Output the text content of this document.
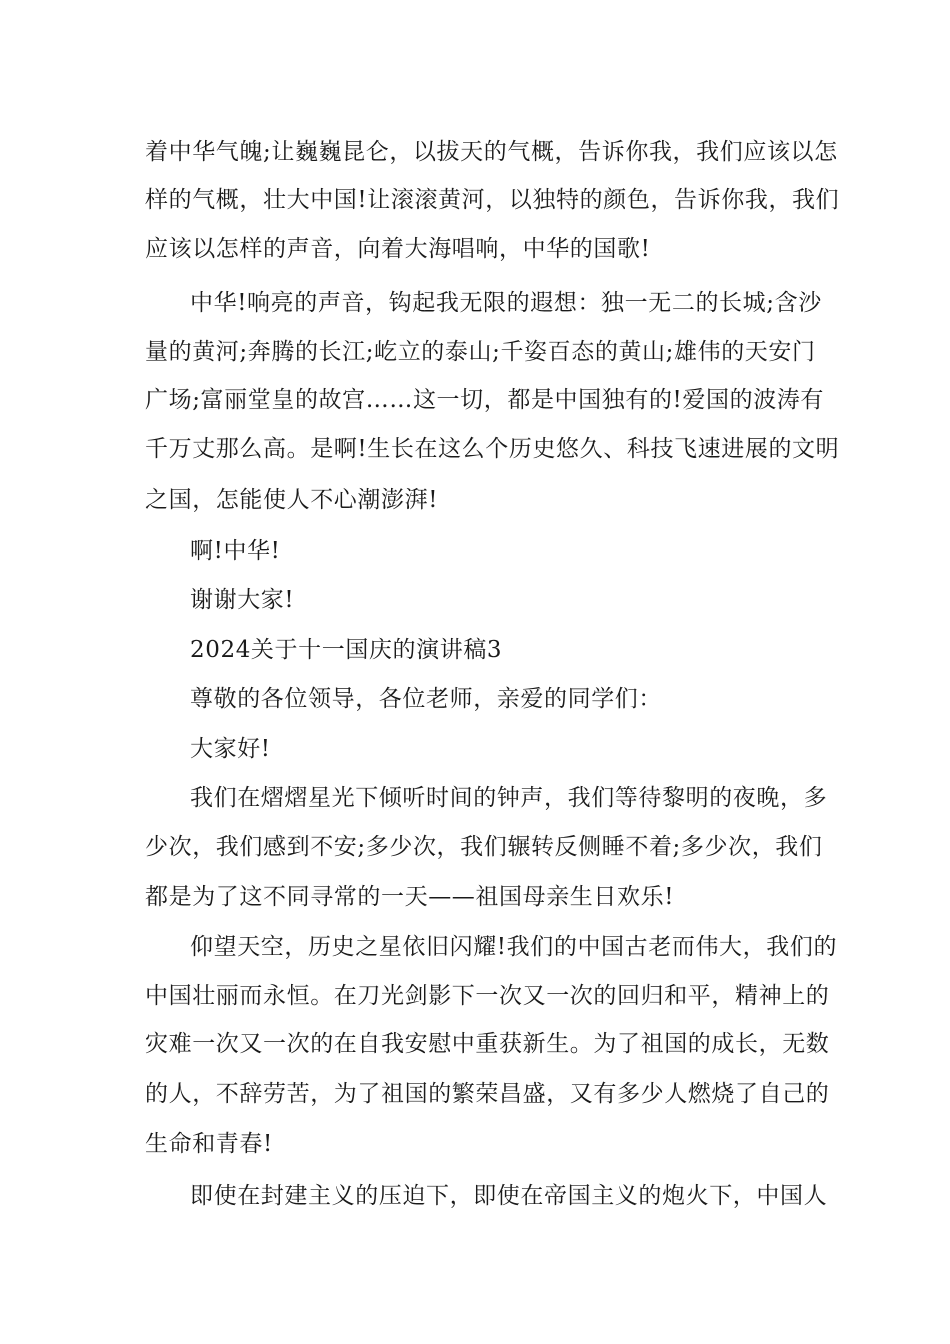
着中华气魄;让巍巍昆仑，以拔天的气概，告诉你我，我们应该以怎
样的气概，壮大中国!让滚滚黄河，以独特的颜色，告诉你我，我们
应该以怎样的声音，向着大海唱响，中华的国歌!
中华!响亮的声音，钩起我无限的遐想：独一无二的长城;含沙
量的黄河;奔腾的长江;屹立的泰山;千姿百态的黄山;雄伟的天安门
广场;富丽堂皇的故宫……这一切，都是中国独有的!爱国的波涛有
千万丈那么高。是啊!生长在这么个历史悠久、科技飞速进展的文明
之国，怎能使人不心潮澎湃!
啊!中华!
谢谢大家!
2024关于十一国庆的演讲稿3
尊敬的各位领导，各位老师，亲爱的同学们：
大家好!
我们在熠熠星光下倾听时间的钟声，我们等待黎明的夜晚，多
少次，我们感到不安;多少次，我们辗转反侧睡不着;多少次，我们
都是为了这不同寻常的一天——祖国母亲生日欢乐!
仰望天空，历史之星依旧闪耀!我们的中国古老而伟大，我们的
中国壮丽而永恒。在刀光剑影下一次又一次的回归和平，精神上的
灾难一次又一次的在自我安慰中重获新生。为了祖国的成长，无数
的人，不辞劳苦，为了祖国的繁荣昌盛，又有多少人燃烧了自己的
生命和青春!
即使在封建主义的压迫下，即使在帝国主义的炮火下，中国人
